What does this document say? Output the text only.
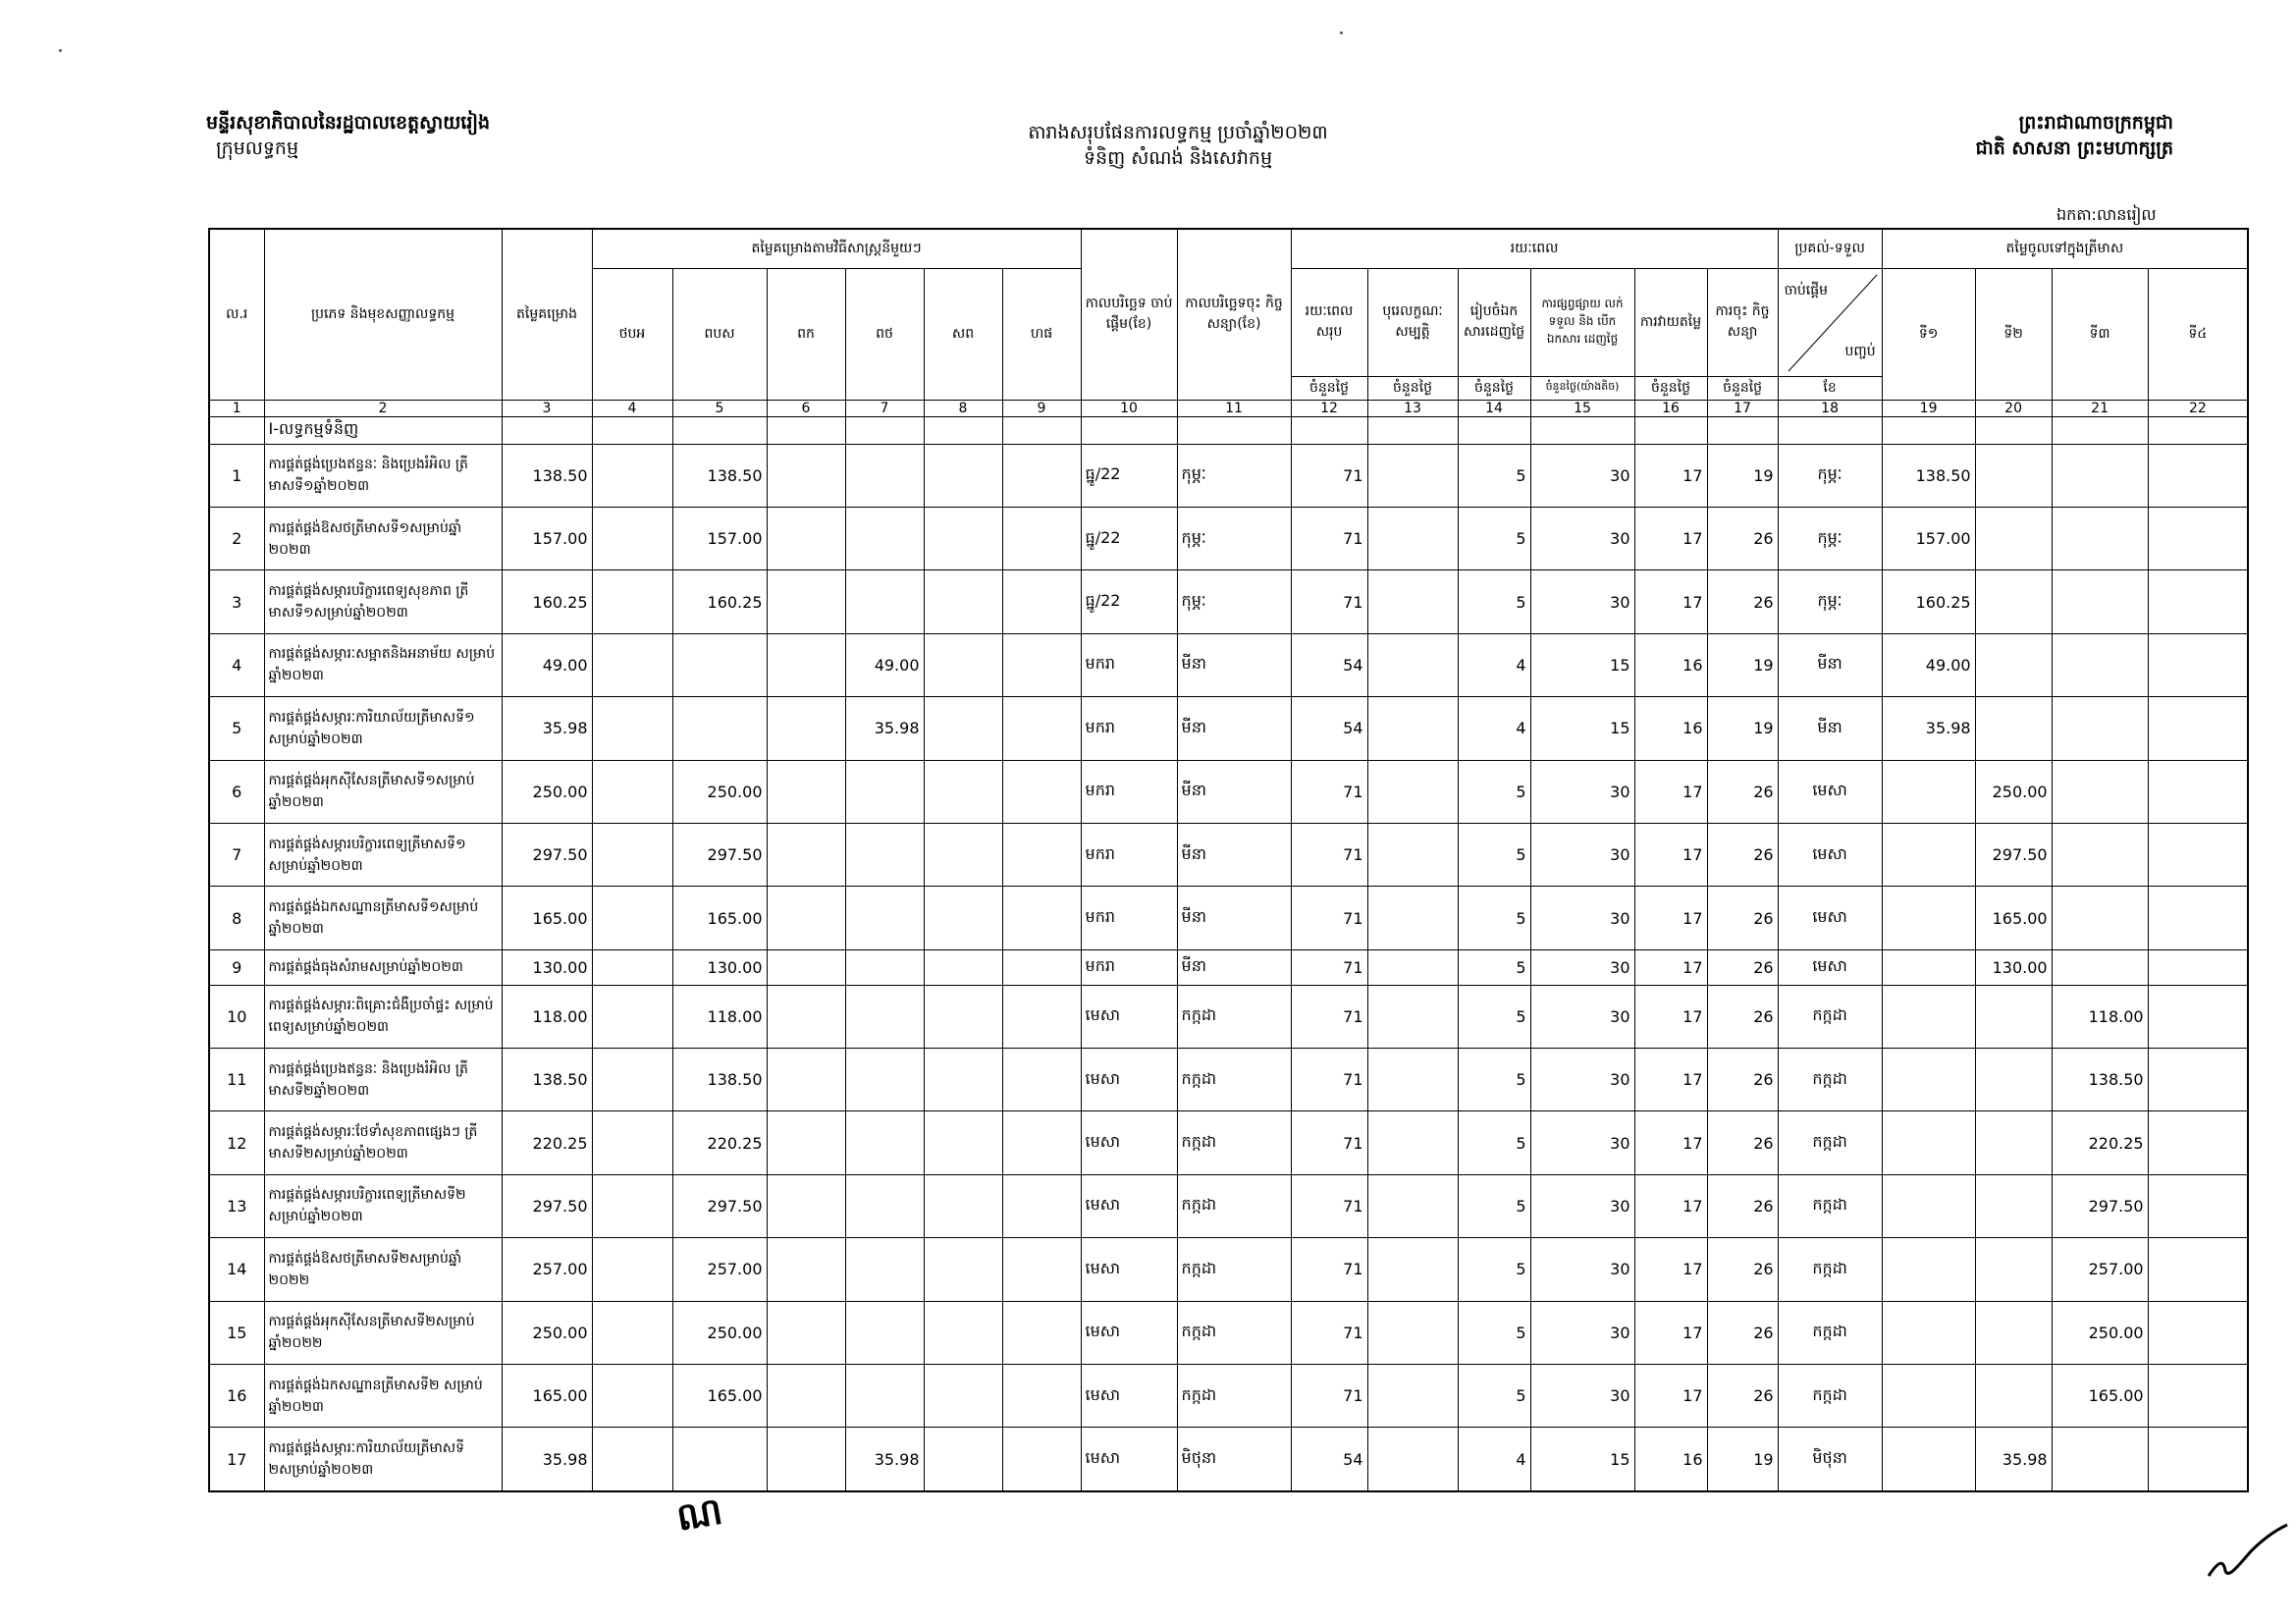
មន្ទីរសុខាភិបាលនៃរដ្ឋបាលខេត្តស្វាយរៀង
ក្រុមលទ្ធកម្ម
តារាងសរុបផែនការលទ្ធកម្ម ប្រចាំឆ្នាំ២០២៣
ទំនិញ សំណង់ និងសេវាកម្ម
ព្រះរាជាណាចក្រកម្ពុជា
ជាតិ សាសនា ព្រះមហាក្សត្រ
ឯកតា:លានរៀល
ល.រ	ប្រភេទ និងមុខសញ្ញាលទ្ធកម្ម	តម្លៃគម្រោង	តម្លៃគម្រោងតាមវិធីសាស្ត្រនីមួយៗ						កាលបរិច្ឆេទ ចាប់ផ្ដើម(ខែ)	កាលបរិច្ឆេទចុះ កិច្ចសន្យា(ខែ)	រយៈពេល						ប្រគល់-ទទួល	តម្លៃចូលទៅក្នុងត្រីមាស			
			ថបអ	ពបស	ពក	ពថ	សព	ហផ			រយៈពេល សរុប	បុរេលក្ខណៈ សម្បត្តិ	រៀបចំឯក សារដេញថ្លៃ	ការផ្សព្វផ្សាយ លក់ ទទួល និង បើកឯកសារ ដេញថ្លៃ	ការវាយតម្លៃ	ការចុះ កិច្ចសន្យា	ចាប់ផ្ដើម
បញ្ចប់	ទី១	ទី២	ទី៣	ទី៤
											ចំនួនថ្ងៃ	ចំនួនថ្ងៃ	ចំនួនថ្ងៃ	ចំនួនថ្ងៃ(យ៉ាងតិច)	ចំនួនថ្ងៃ	ចំនួនថ្ងៃ	ខែ				
1	2	3	4	5	6	7	8	9	10	11	12	13	14	15	16	17	18	19	20	21	22
	I-លទ្ធកម្មទំនិញ																				
1	ការផ្គត់ផ្គង់ប្រេងឥន្ធនៈ និងប្រេងរំអិល ត្រីមាសទី១ឆ្នាំ២០២៣	138.50		138.50					ធ្នូ/22	កុម្ភៈ	71		5	30	17	19	កុម្ភៈ	138.50			
2	ការផ្គត់ផ្គង់ឱសថត្រីមាសទី១សម្រាប់ឆ្នាំ ២០២៣	157.00		157.00					ធ្នូ/22	កុម្ភៈ	71		5	30	17	26	កុម្ភៈ	157.00			
3	ការផ្គត់ផ្គង់សម្ភារបរិក្ខារពេទ្យសុខភាព ត្រីមាសទី១សម្រាប់ឆ្នាំ២០២៣	160.25		160.25					ធ្នូ/22	កុម្ភៈ	71		5	30	17	26	កុម្ភៈ	160.25			
4	ការផ្គត់ផ្គង់សម្ភារៈសម្អាតនិងអនាម័យ សម្រាប់ឆ្នាំ២០២៣	49.00				49.00			មករា	មីនា	54		4	15	16	19	មីនា	49.00			
5	ការផ្គត់ផ្គង់សម្ភារៈការិយាល័យត្រីមាសទី១ សម្រាប់ឆ្នាំ២០២៣	35.98				35.98			មករា	មីនា	54		4	15	16	19	មីនា	35.98			
6	ការផ្គត់ផ្គង់អុកស៊ីសែនត្រីមាសទី១សម្រាប់ ឆ្នាំ២០២៣	250.00		250.00					មករា	មីនា	71		5	30	17	26	មេសា		250.00		
7	ការផ្គត់ផ្គង់សម្ភារបរិក្ខារពេទ្យត្រីមាសទី១ សម្រាប់ឆ្នាំ២០២៣	297.50		297.50					មករា	មីនា	71		5	30	17	26	មេសា		297.50		
8	ការផ្គត់ផ្គង់ឯកសណ្ឋានត្រីមាសទី១សម្រាប់ ឆ្នាំ២០២៣	165.00		165.00					មករា	មីនា	71		5	30	17	26	មេសា		165.00		
9	ការផ្គត់ផ្គង់ធុងសំរាមសម្រាប់ឆ្នាំ២០២៣	130.00		130.00					មករា	មីនា	71		5	30	17	26	មេសា		130.00		
10	ការផ្គត់ផ្គង់សម្ភារៈពិគ្រោះជំងឺប្រចាំផ្ទះ សម្រាប់ពេទ្យសម្រាប់ឆ្នាំ២០២៣	118.00		118.00					មេសា	កក្កដា	71		5	30	17	26	កក្កដា			118.00	
11	ការផ្គត់ផ្គង់ប្រេងឥន្ធនៈ និងប្រេងរំអិល ត្រីមាសទី២ឆ្នាំ២០២៣	138.50		138.50					មេសា	កក្កដា	71		5	30	17	26	កក្កដា			138.50	
12	ការផ្គត់ផ្គង់សម្ភារៈថែទាំសុខភាពផ្សេងៗ ត្រីមាសទី២សម្រាប់ឆ្នាំ២០២៣	220.25		220.25					មេសា	កក្កដា	71		5	30	17	26	កក្កដា			220.25	
13	ការផ្គត់ផ្គង់សម្ភារបរិក្ខារពេទ្យត្រីមាសទី២ សម្រាប់ឆ្នាំ២០២៣	297.50		297.50					មេសា	កក្កដា	71		5	30	17	26	កក្កដា			297.50	
14	ការផ្គត់ផ្គង់ឱសថត្រីមាសទី២សម្រាប់ឆ្នាំ ២០២២	257.00		257.00					មេសា	កក្កដា	71		5	30	17	26	កក្កដា			257.00	
15	ការផ្គត់ផ្គង់អុកស៊ីសែនត្រីមាសទី២សម្រាប់ ឆ្នាំ២០២២	250.00		250.00					មេសា	កក្កដា	71		5	30	17	26	កក្កដា			250.00	
16	ការផ្គត់ផ្គង់ឯកសណ្ឋានត្រីមាសទី២ សម្រាប់ឆ្នាំ២០២៣	165.00		165.00					មេសា	កក្កដា	71		5	30	17	26	កក្កដា			165.00	
17	ការផ្គត់ផ្គង់សម្ភារៈការិយាល័យត្រីមាសទី ២សម្រាប់ឆ្នាំ២០២៣	35.98				35.98			មេសា	មិថុនា	54		4	15	16	19	មិថុនា		35.98		
ណ
